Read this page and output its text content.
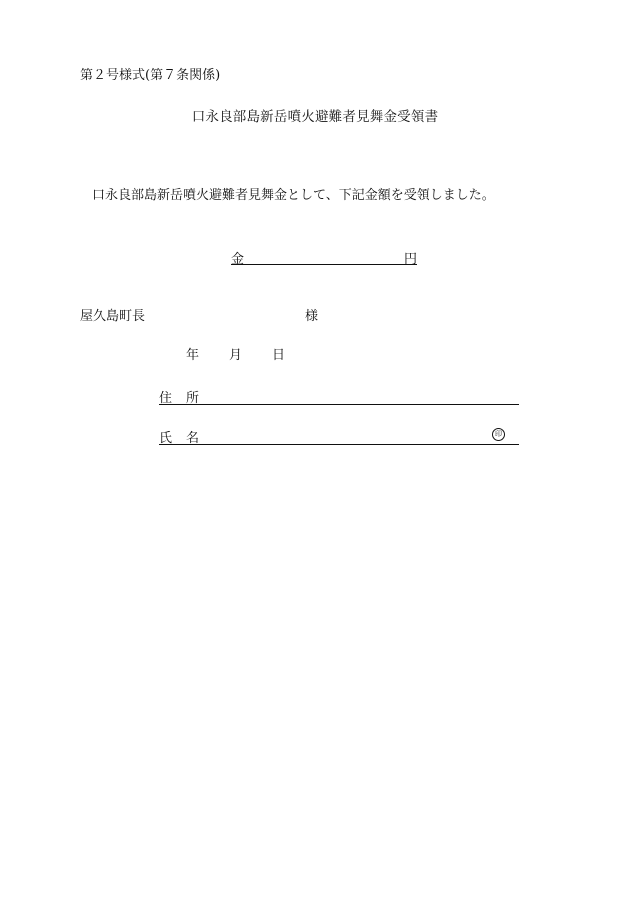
第２号様式(第７条関係)
口永良部島新岳噴火避難者見舞金受領書
口永良部島新岳噴火避難者見舞金として、下記金額を受領しました。
金	円
屋久島町長	様
年 月 日
住 所
氏 名	印
